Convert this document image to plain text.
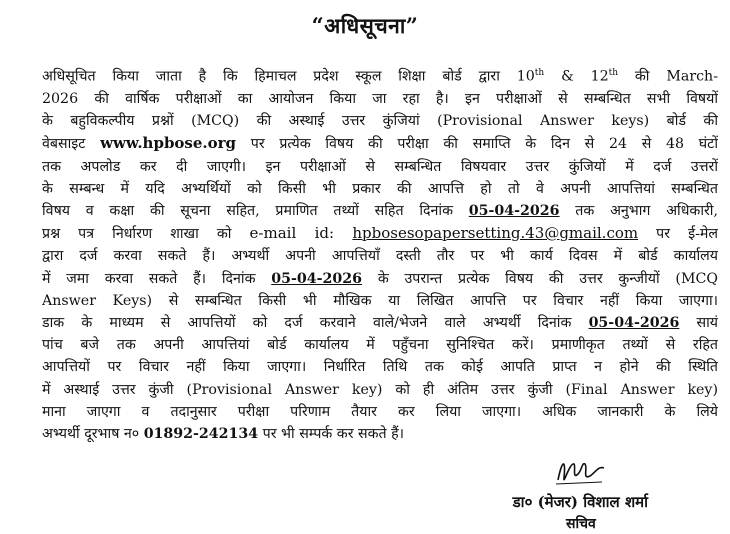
“अधिसूचना”
अधिसूचित किया जाता है कि हिमाचल प्रदेश स्कूल शिक्षा बोर्ड द्वारा 10th & 12th की March-
2026 की वार्षिक परीक्षाओं का आयोजन किया जा रहा है। इन परीक्षाओं से सम्बन्धित सभी विषयों
के बहुविकल्पीय प्रश्नों (MCQ) की अस्थाई उत्तर कुंजियां (Provisional Answer keys) बोर्ड की
वेबसाइट www.hpbose.org पर प्रत्येक विषय की परीक्षा की समाप्ति के दिन से 24 से 48 घंटों
तक अपलोड कर दी जाएगी। इन परीक्षाओं से सम्बन्धित विषयवार उत्तर कुंजियों में दर्ज उत्तरों
के सम्बन्ध में यदि अभ्यर्थियों को किसी भी प्रकार की आपत्ति हो तो वे अपनी आपत्तियां सम्बन्धित
विषय व कक्षा की सूचना सहित, प्रमाणित तथ्यों सहित दिनांक 05-04-2026 तक अनुभाग अधिकारी,
प्रश्न पत्र निर्धारण शाखा को e-mail id: hpbosesopapersetting.43@gmail.com पर ई-मेल
द्वारा दर्ज करवा सकते हैं। अभ्यर्थी अपनी आपत्तियाँ दस्ती तौर पर भी कार्य दिवस में बोर्ड कार्यालय
में जमा करवा सकते हैं। दिनांक 05-04-2026 के उपरान्त प्रत्येक विषय की उत्तर कुन्जीयों (MCQ
Answer Keys) से सम्बन्धित किसी भी मौखिक या लिखित आपत्ति पर विचार नहीं किया जाएगा।
डाक के माध्यम से आपत्तियों को दर्ज करवाने वाले/भेजने वाले अभ्यर्थी दिनांक 05-04-2026 सायं
पांच बजे तक अपनी आपत्तियां बोर्ड कार्यालय में पहुँचना सुनिश्चित करें। प्रमाणीकृत तथ्यों से रहित
आपत्तियों पर विचार नहीं किया जाएगा। निर्धारित तिथि तक कोई आपति प्राप्त न होने की स्थिति
में अस्थाई उत्तर कुंजी (Provisional Answer key) को ही अंतिम उत्तर कुंजी (Final Answer key)
माना जाएगा व तदानुसार परीक्षा परिणाम तैयार कर लिया जाएगा। अधिक जानकारी के लिये
अभ्यर्थी दूरभाष न० 01892-242134 पर भी सम्पर्क कर सकते हैं।
डा० (मेजर) विशाल शर्मा
सचिव
